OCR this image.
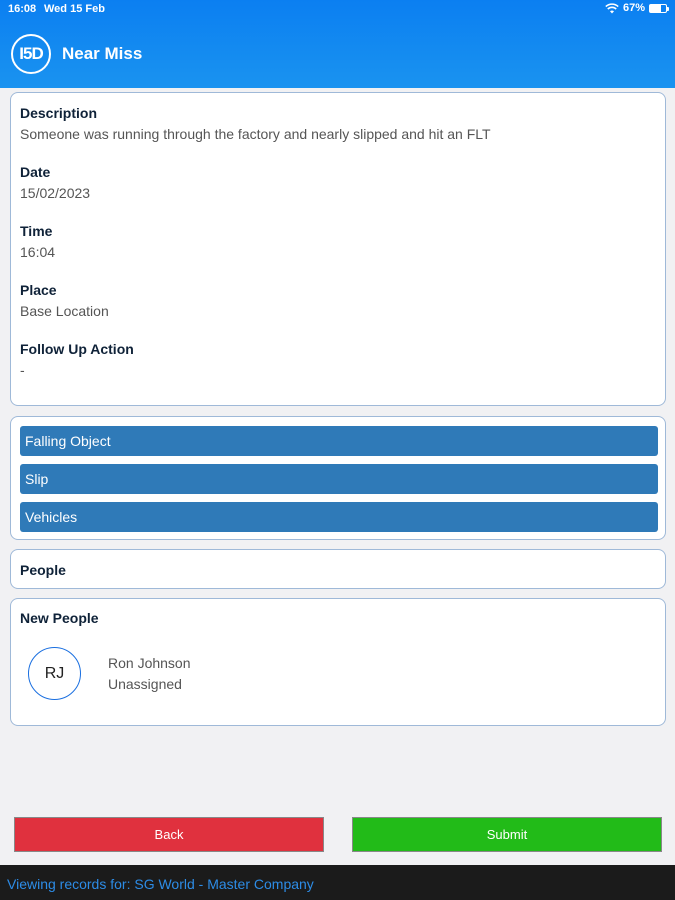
16:08 Wed 15 Feb	67%
I5D Near Miss
Description
Someone was running through the factory and nearly slipped and hit an FLT
Date
15/02/2023
Time
16:04
Place
Base Location
Follow Up Action
-
Falling Object
Slip
Vehicles
People
New People
RJ
Ron Johnson
Unassigned
Back	Submit
Viewing records for: SG World - Master Company
